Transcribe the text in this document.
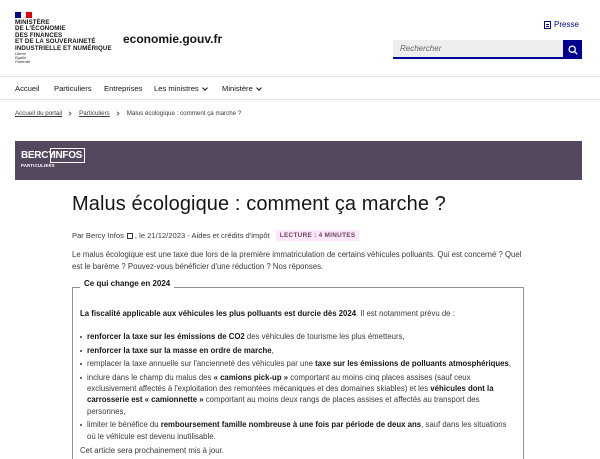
MINISTÈRE
DE L'ÉCONOMIE
DES FINANCES
ET DE LA SOUVERAINETÉ
INDUSTRIELLE ET NUMÉRIQUE
Liberté
Égalité
Fraternité
economie.gouv.fr
Presse
Rechercher
Accueil Particuliers Entreprises Les ministres	Ministère
Accueil du portail	Particuliers	Malus écologique : comment ça marche ?
BERCY
INFOS
PARTICULIERS
Malus écologique : comment ça marche ?
Par Bercy Infos , le 21/12/2023 - Aides et crédits d'impôt	LECTURE : 4 MINUTES

Le malus écologique est une taxe due lors de la première immatriculation de certains véhicules polluants. Qui est concerné ? Quel est le barème ? Pouvez-vous bénéficier d'une réduction ? Nos réponses.

Ce qui change en 2024

La fiscalité applicable aux véhicules les plus polluants est durcie dès 2024. Il est notamment prévu de :

renforcer la taxe sur les émissions de CO2 des véhicules de tourisme les plus émetteurs,
renforcer la taxe sur la masse en ordre de marche,
remplacer la taxe annuelle sur l'ancienneté des véhicules par une taxe sur les émissions de polluants atmosphériques,
inclure dans le champ du malus des « camions pick-up » comportant au moins cinq places assises (sauf ceux exclusivement affectés à l'exploitation des remontées mécaniques et des domaines skiables) et les véhicules dont la carrosserie est « camionnette » comportant au moins deux rangs de places assises et affectés au transport des personnes,
limiter le bénéfice du remboursement famille nombreuse à une fois par période de deux ans, sauf dans les situations où le véhicule est devenu inutilisable.

Cet article sera prochainement mis à jour.
